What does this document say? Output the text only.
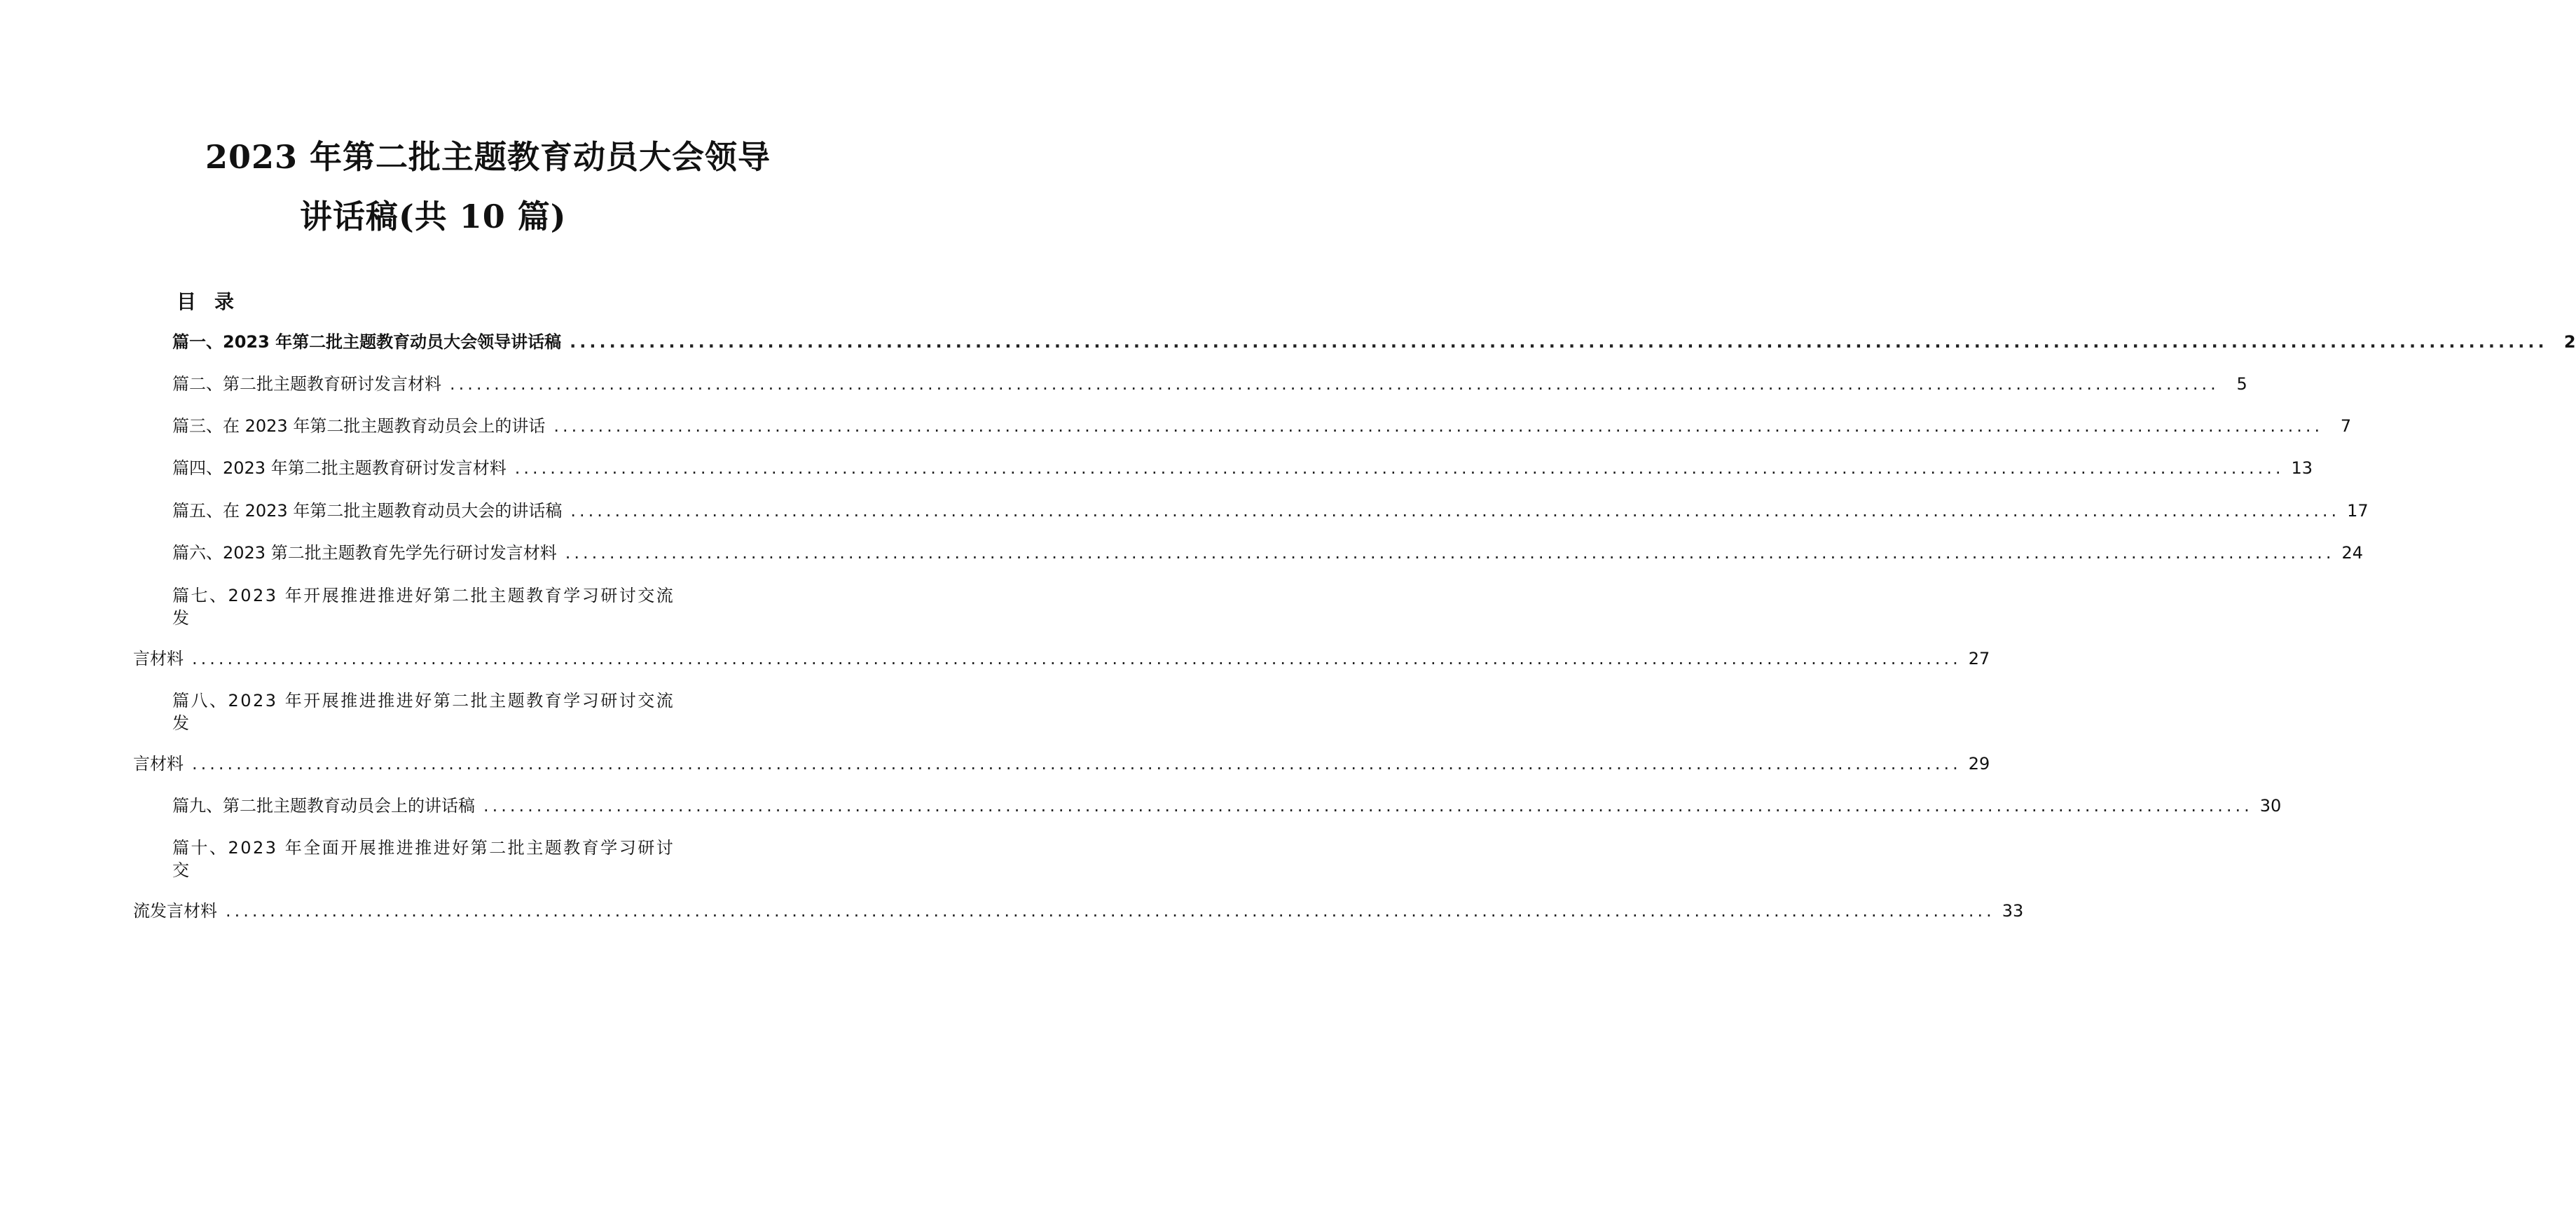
2023 年第二批主题教育动员大会领导
讲话稿(共 10 篇)
目录
篇一、2023 年第二批主题教育动员大会领导讲话稿 ........................................................................................................................................................................................................ 2
篇二、第二批主题教育研讨发言材料 ........................................................................................................................................................................................................	5
篇三、在 2023 年第二批主题教育动员会上的讲话 ........................................................................................................................................................................................................	7
篇四、2023 年第二批主题教育研讨发言材料 ........................................................................................................................................................................................................ 13
篇五、在 2023 年第二批主题教育动员大会的讲话稿 ........................................................................................................................................................................................................ 17
篇六、2023 第二批主题教育先学先行研讨发言材料 ........................................................................................................................................................................................................ 24
篇七、2023 年开展推进推进好第二批主题教育学习研讨交流
发
言材料 ........................................................................................................................................................................................................ 27
篇八、2023 年开展推进推进好第二批主题教育学习研讨交流
发
言材料 ........................................................................................................................................................................................................ 29
篇九、第二批主题教育动员会上的讲话稿 ........................................................................................................................................................................................................ 30
篇十、2023 年全面开展推进推进好第二批主题教育学习研讨
交
流发言材料 ........................................................................................................................................................................................................ 33
